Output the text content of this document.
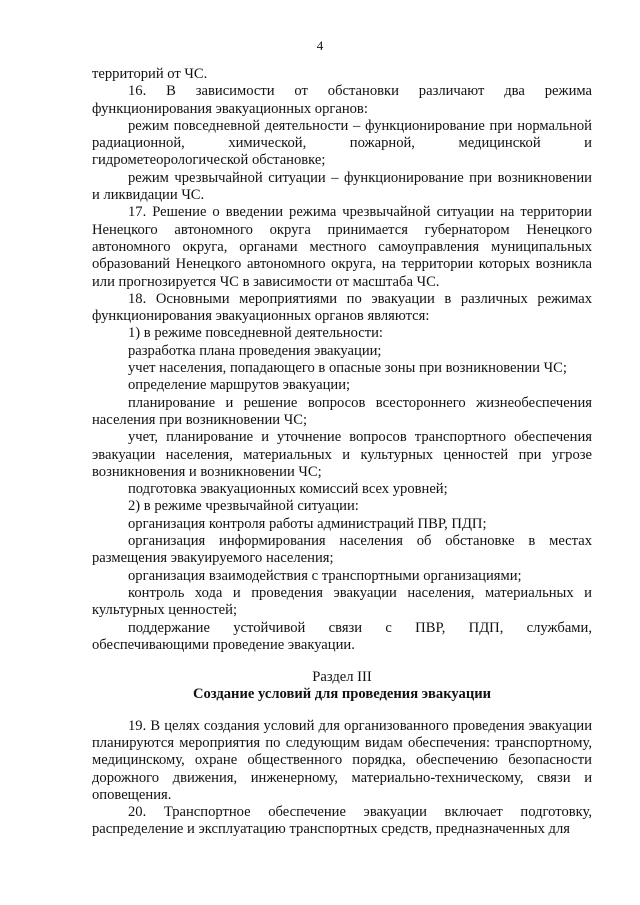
4

территорий от ЧС.

16. В зависимости от обстановки различают два режима функционирования эвакуационных органов:

режим повседневной деятельности – функционирование при нормальной радиационной, химической, пожарной, медицинской и гидрометеорологической обстановке;

режим чрезвычайной ситуации – функционирование при возникновении и ликвидации ЧС.

17. Решение о введении режима чрезвычайной ситуации на территории Ненецкого автономного округа принимается губернатором Ненецкого автономного округа, органами местного самоуправления муниципальных образований Ненецкого автономного округа, на территории которых возникла или прогнозируется ЧС в зависимости от масштаба ЧС.

18. Основными мероприятиями по эвакуации в различных режимах функционирования эвакуационных органов являются:

1) в режиме повседневной деятельности:

разработка плана проведения эвакуации;

учет населения, попадающего в опасные зоны при возникновении ЧС;

определение маршрутов эвакуации;

планирование и решение вопросов всестороннего жизнеобеспечения населения при возникновении ЧС;

учет, планирование и уточнение вопросов транспортного обеспечения эвакуации населения, материальных и культурных ценностей при угрозе возникновения и возникновении ЧС;

подготовка эвакуационных комиссий всех уровней;

2) в режиме чрезвычайной ситуации:

организация контроля работы администраций ПВР, ПДП;

организация информирования населения об обстановке в местах размещения эвакуируемого населения;

организация взаимодействия с транспортными организациями;

контроль хода и проведения эвакуации населения, материальных и культурных ценностей;

поддержание устойчивой связи с ПВР, ПДП, службами, обеспечивающими проведение эвакуации.

Раздел III

Создание условий для проведения эвакуации

19. В целях создания условий для организованного проведения эвакуации планируются мероприятия по следующим видам обеспечения: транспортному, медицинскому, охране общественного порядка, обеспечению безопасности дорожного движения, инженерному, материально-техническому, связи и оповещения.

20. Транспортное обеспечение эвакуации включает подготовку, распределение и эксплуатацию транспортных средств, предназначенных для
